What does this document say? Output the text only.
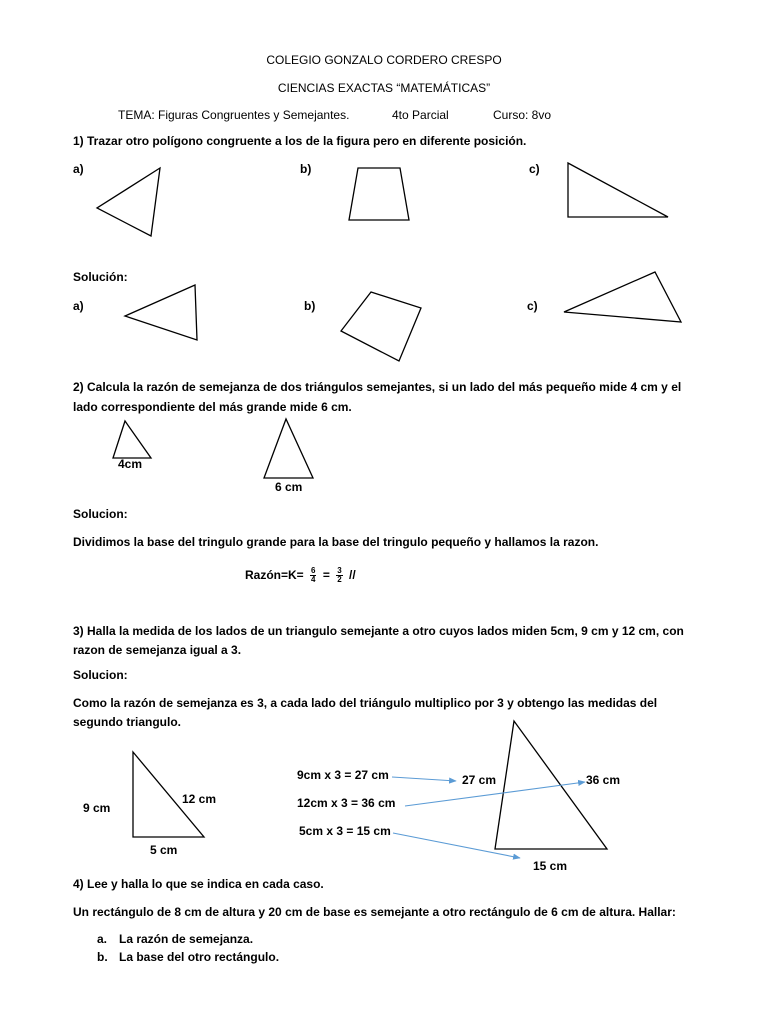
COLEGIO GONZALO CORDERO CRESPO
CIENCIAS EXACTAS “MATEMÁTICAS”
TEMA: Figuras Congruentes y Semejantes.	4to Parcial	Curso: 8vo
1) Trazar otro polígono congruente a los de la figura pero en diferente posición.
a)	b)	c)
Solución:
a)	b)	c)
2) Calcula la razón de semejanza de dos triángulos semejantes, si un lado del más pequeño mide 4 cm y el
lado correspondiente del más grande mide 6 cm.
4cm
6 cm
Solucion:
Dividimos la base del tringulo grande para la base del tringulo pequeño y hallamos la razon.
Razón=K= $\frac{6}{4} = \frac{3}{2}$ //
3) Halla la medida de los lados de un triangulo semejante a otro cuyos lados miden 5cm, 9 cm y 12 cm, con
razon de semejanza igual a 3.
Solucion:
Como la razón de semejanza es 3, a cada lado del triángulo multiplico por 3 y obtengo las medidas del
segundo triangulo.
9 cm
12 cm
5 cm
9cm x 3 = 27 cm
12cm x 3 = 36 cm
5cm x 3 = 15 cm
27 cm	36 cm
15 cm
4) Lee y halla lo que se indica en cada caso.
Un rectángulo de 8 cm de altura y 20 cm de base es semejante a otro rectángulo de 6 cm de altura. Hallar:
a. La razón de semejanza.
b. La base del otro rectángulo.
